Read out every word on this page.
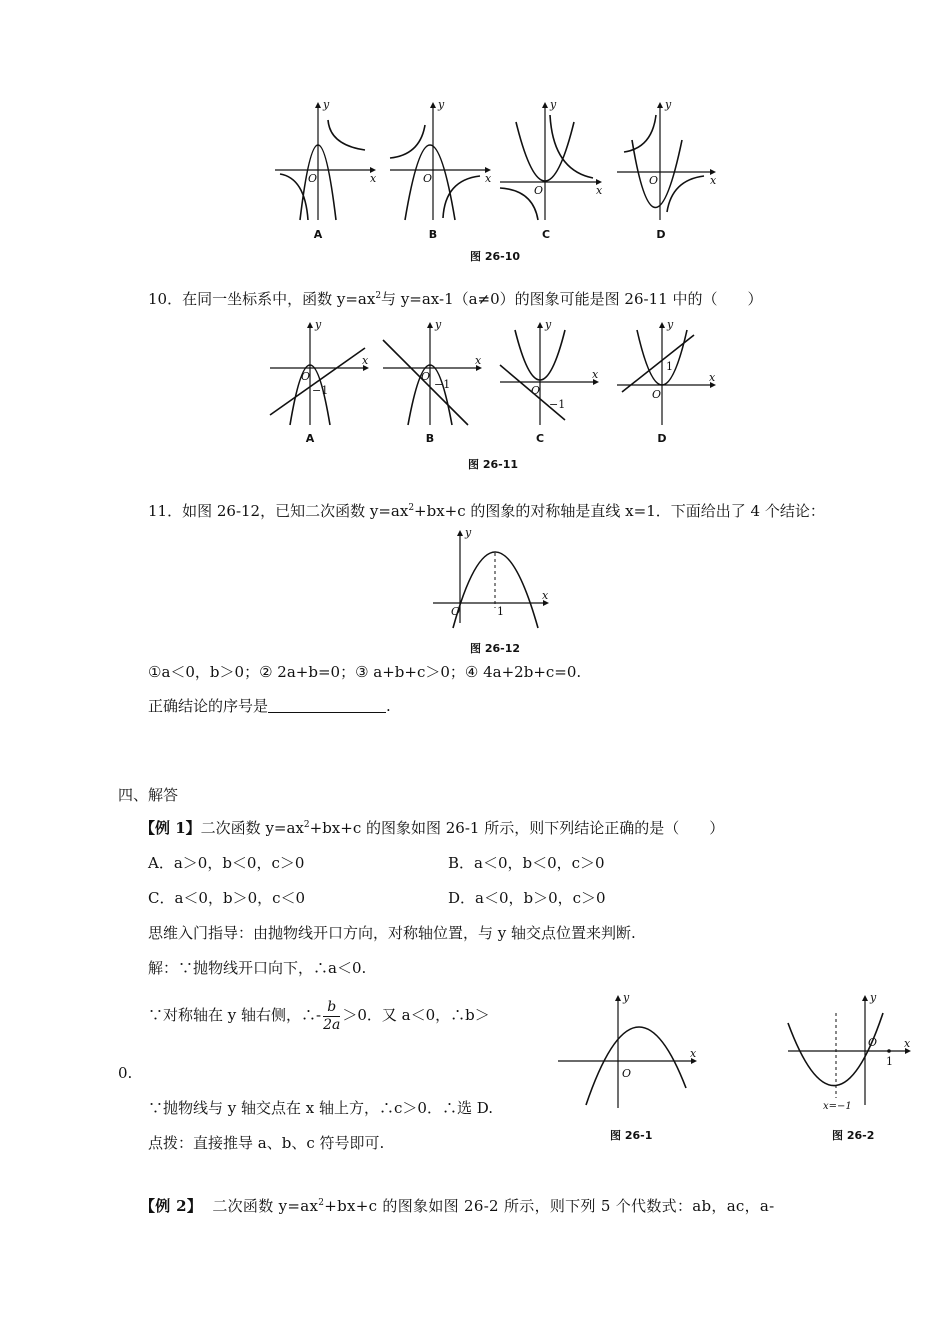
x
y
O	x
y
O
x
y
O
x
y
O
A	B	C	D
图 26-10
10．在同一坐标系中，函数 $y=ax^2$与 y=ax-1（a≠0）的图象可能是图 26-11 中的（　　）
x
y
O
−1
x
y
O
−1
x
y
O
−1
x
y
O
1
A	B	C	D
图 26-11
11．如图 26-12，已知二次函数 $y=ax^2+bx+c$ 的图象的对称轴是直线 x=1．下面给出了 4 个结论：
x
y
O	1
图 26-12
①a＜0，b＞0；② 2a+b=0；③ a+b+c＞0；④ 4a+2b+c=0.
正确结论的序号是	.
四、解答
【例 1】二次函数 $y=ax^2+bx+c$ 的图象如图 26-1 所示，则下列结论正确的是（　　）
A．a＞0，b＜0，c＞0	B．a＜0，b＜0，c＞0
C．a＜0，b＞0，c＜0	D．a＜0，b＞0，c＞0
思维入门指导：由抛物线开口方向，对称轴位置，与 y 轴交点位置来判断.
解：∵抛物线开口向下，∴a＜0.
∵对称轴在 y 轴右侧，∴- $\frac{b}{2a} >0$．又 a＜0，∴b＞
0.
∵抛物线与 y 轴交点在 x 轴上方，∴c＞0．∴选 D.
点拨：直接推导 a、b、c 符号即可.
x
y
O
图 26-1
x
y
O
1
x=−1
图 26-2
【例 2】 二次函数 $y=ax^2+bx+c$ 的图象如图 26-2 所示，则下列 5 个代数式：ab，ac，a-
